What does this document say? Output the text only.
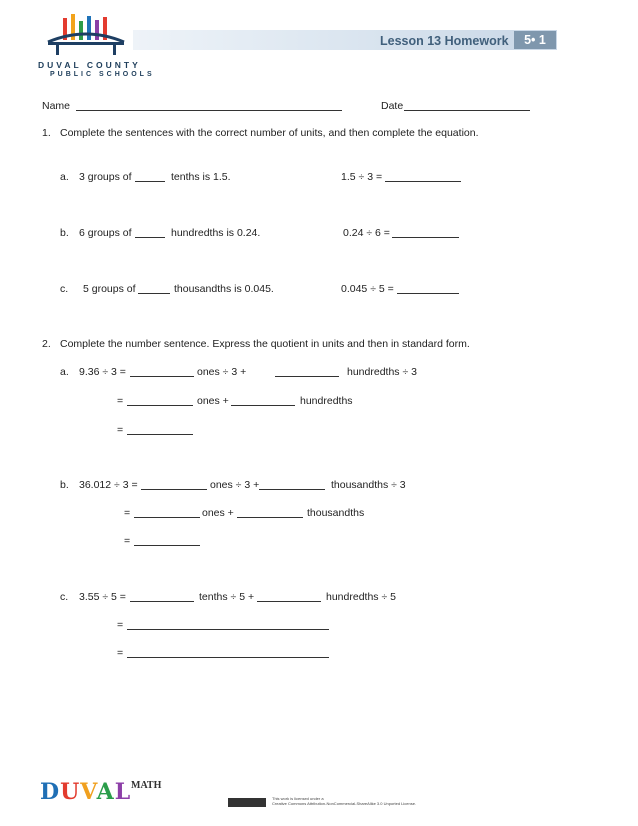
DUVAL COUNTY
PUBLIC SCHOOLS
Lesson 13 Homework	5• 1
Name	Date
1. Complete the sentences with the correct number of units, and then complete the equation.
a. 3 groups of	tenths is 1.5.	1.5 ÷ 3 =
b. 6 groups of	hundredths is 0.24.	0.24 ÷ 6 =
c. 5 groups of	thousandths is 0.045.	0.045 ÷ 5 =
2. Complete the number sentence. Express the quotient in units and then in standard form.
a. 9.36 ÷ 3 =	ones ÷ 3 +	hundredths ÷ 3
=	ones +	hundredths
=
b. 36.012 ÷ 3 =	ones ÷ 3 +	thousandths ÷ 3
=	ones +	thousandths
=
c. 3.55 ÷ 5 =	tenths ÷ 5 +	hundredths ÷ 5
=
=
DUVAL MATH
This work is licensed under a
Creative Commons Attribution-NonCommercial-ShareAlike 3.0 Unported License.
